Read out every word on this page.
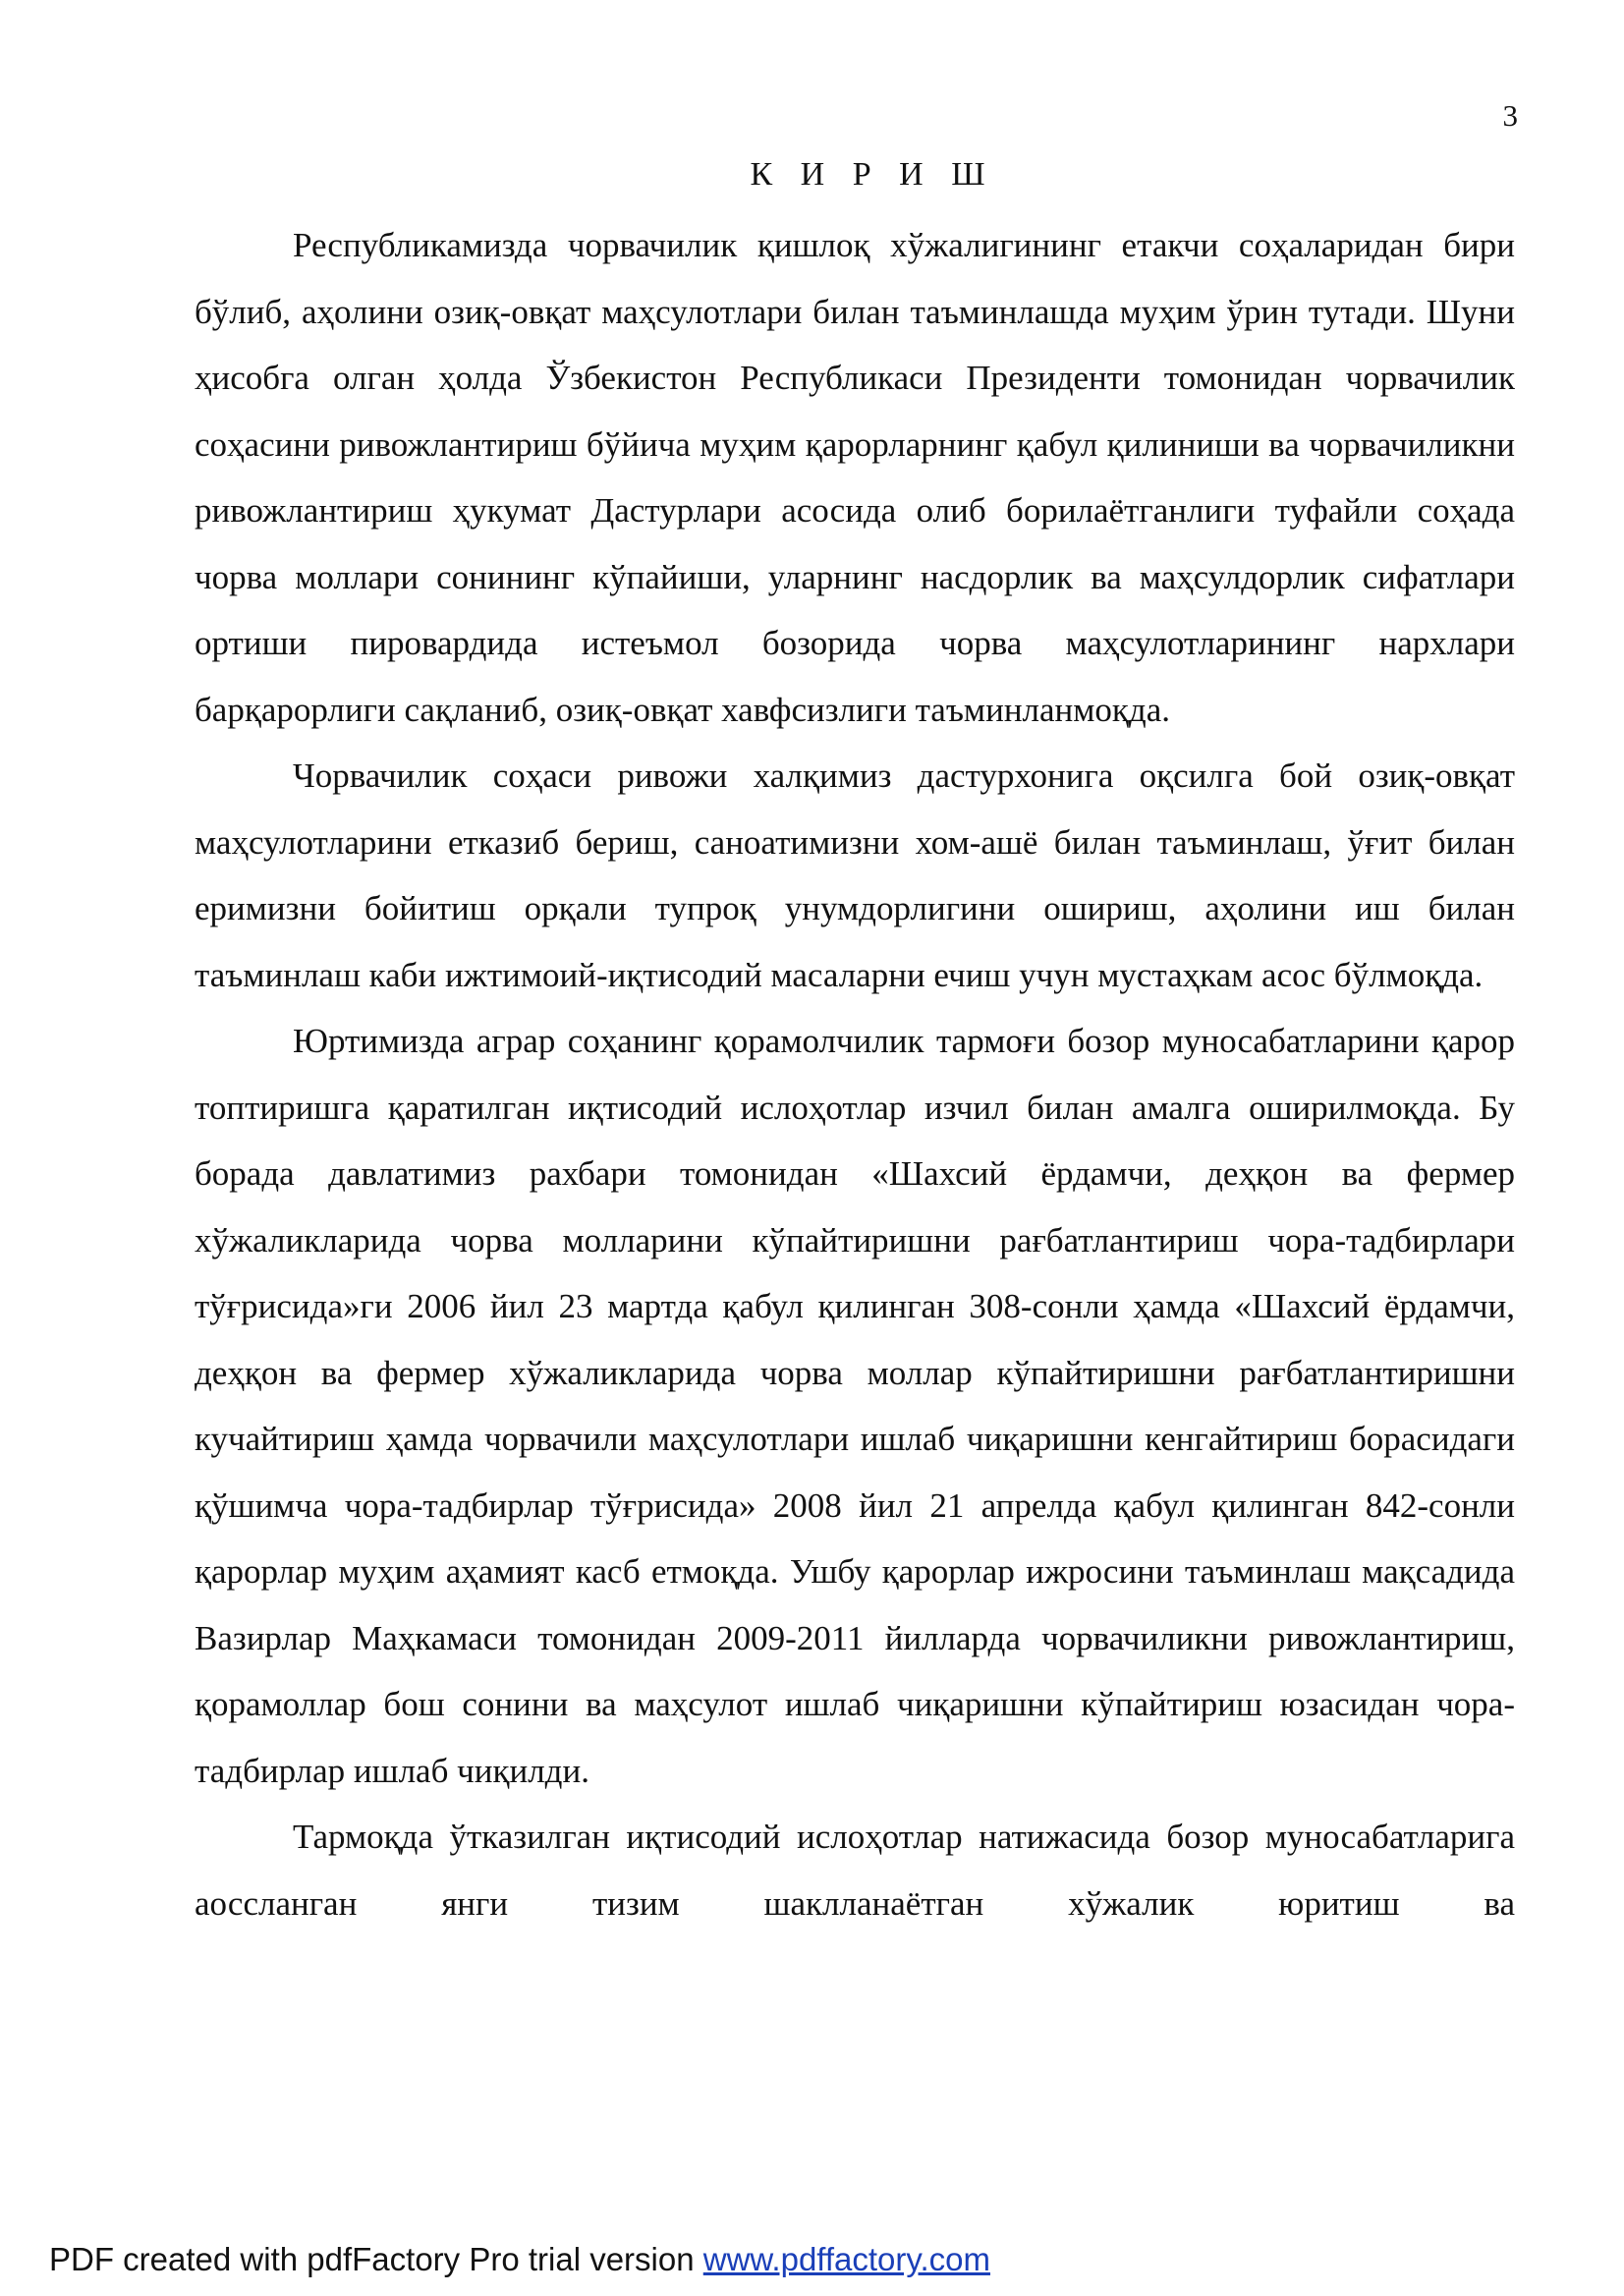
3
К И Р И Ш

Республикамизда чорвачилик қишлоқ хўжалигининг етакчи соҳаларидан бири бўлиб, аҳолини озиқ-овқат маҳсулотлари билан таъминлашда муҳим ўрин тутади. Шуни ҳисобга олган ҳолда Ўзбекистон Республикаси Президенти томонидан чорвачилик соҳасини ривожлантириш бўйича муҳим қарорларнинг қабул қилиниши ва чорвачиликни ривожлантириш ҳукумат Дастурлари асосида олиб борилаётганлиги туфайли соҳада чорва моллари сонининг кўпайиши, уларнинг насдорлик ва маҳсулдорлик сифатлари ортиши пировардида истеъмол бозорида чорва маҳсулотларининг нархлари барқарорлиги сақланиб, озиқ-овқат хавфсизлиги таъминланмоқда.

Чорвачилик соҳаси ривожи халқимиз дастурхонига оқсилга бой озиқ-овқат маҳсулотларини етказиб бериш, саноатимизни хом-ашё билан таъминлаш, ўғит билан еримизни бойитиш орқали тупроқ унумдорлигини ошириш, аҳолини иш билан таъминлаш каби ижтимоий-иқтисодий масаларни ечиш учун мустаҳкам асос бўлмоқда.

Юртимизда аграр соҳанинг қорамолчилик тармоғи бозор муносабатларини қарор топтиришга қаратилган иқтисодий ислоҳотлар изчил билан амалга оширилмоқда. Бу борада давлатимиз рахбари томонидан «Шахсий ёрдамчи, деҳқон ва фермер хўжаликларида чорва молларини кўпайтиришни рағбатлантириш чора-тадбирлари тўғрисида»ги 2006 йил 23 мартда қабул қилинган 308-сонли ҳамда «Шахсий ёрдамчи, деҳқон ва фермер хўжаликларида чорва моллар кўпайтиришни рағбатлантиришни кучайтириш ҳамда чорвачили маҳсулотлари ишлаб чиқаришни кенгайтириш борасидаги қўшимча чора-тадбирлар тўғрисида» 2008 йил 21 апрелда қабул қилинган 842-сонли қарорлар муҳим аҳамият касб етмоқда. Ушбу қарорлар ижросини таъминлаш мақсадида Вазирлар Маҳкамаси томонидан 2009-2011 йилларда чорвачиликни ривожлантириш, қорамоллар бош сонини ва маҳсулот ишлаб чиқаришни кўпайтириш юзасидан чора-тадбирлар ишлаб чиқилди.

Тармоқда ўтказилган иқтисодий ислоҳотлар натижасида бозор муносабатларига аоссланган янги тизим шаклланаётган хўжалик юритиш ва

PDF created with pdfFactory Pro trial version www.pdffactory.com
